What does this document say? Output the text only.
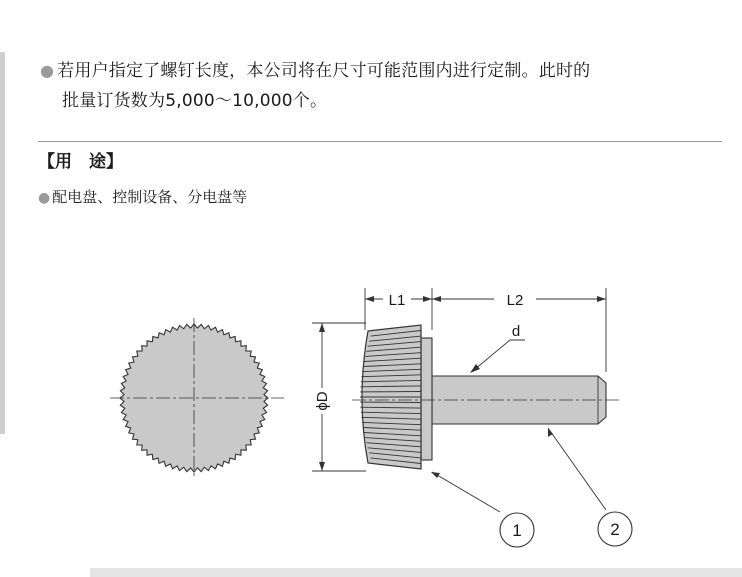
● 若用户指定了螺钉长度，本公司将在尺寸可能范围内进行定制。此时的
批量订货数为5,000～10,000个。
【用　途】
● 配电盘、控制设备、分电盘等
L1	L2
d
ϕD
1	2
